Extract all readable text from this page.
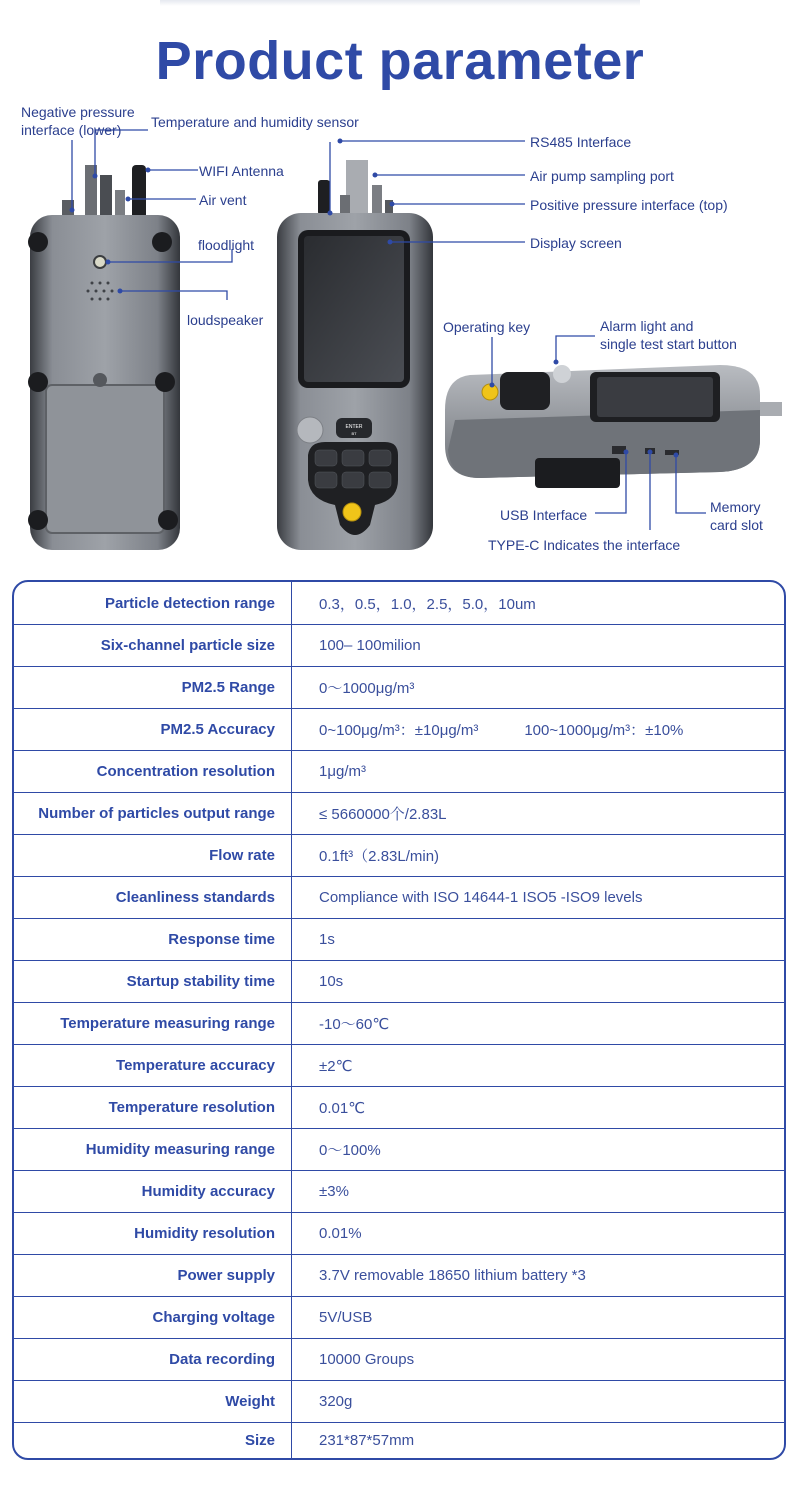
Product parameter
ENTER
BT
Negative pressure
interface (lower)	Temperature and humidity sensor
WIFI Antenna
Air vent
floodlight
loudspeaker
RS485 Interface
Air pump sampling port
Positive pressure interface (top)
Display screen
Operating key	Alarm light and
single test start button
USB Interface	Memory
card slot
TYPE-C Indicates the interface
Particle detection range	0.3，0.5，1.0，2.5，5.0，10um
Six-channel particle size	100– 100milion
PM2.5 Range	0～1000μg/m³
PM2.5 Accuracy	0~100μg/m³：±10μg/m³	100~1000μg/m³：±10%
Concentration resolution	1μg/m³
Number of particles output range	≤ 5660000个/2.83L
Flow rate	0.1ft³（2.83L/min)
Cleanliness standards	Compliance with ISO 14644-1 ISO5 -ISO9 levels
Response time	1s
Startup stability time	10s
Temperature measuring range	-10～60℃
Temperature accuracy	±2℃
Temperature resolution	0.01℃
Humidity measuring range	0～100%
Humidity accuracy	±3%
Humidity resolution	0.01%
Power supply	3.7V removable 18650 lithium battery *3
Charging voltage	5V/USB
Data recording	10000 Groups
Weight	320g
Size	231*87*57mm
